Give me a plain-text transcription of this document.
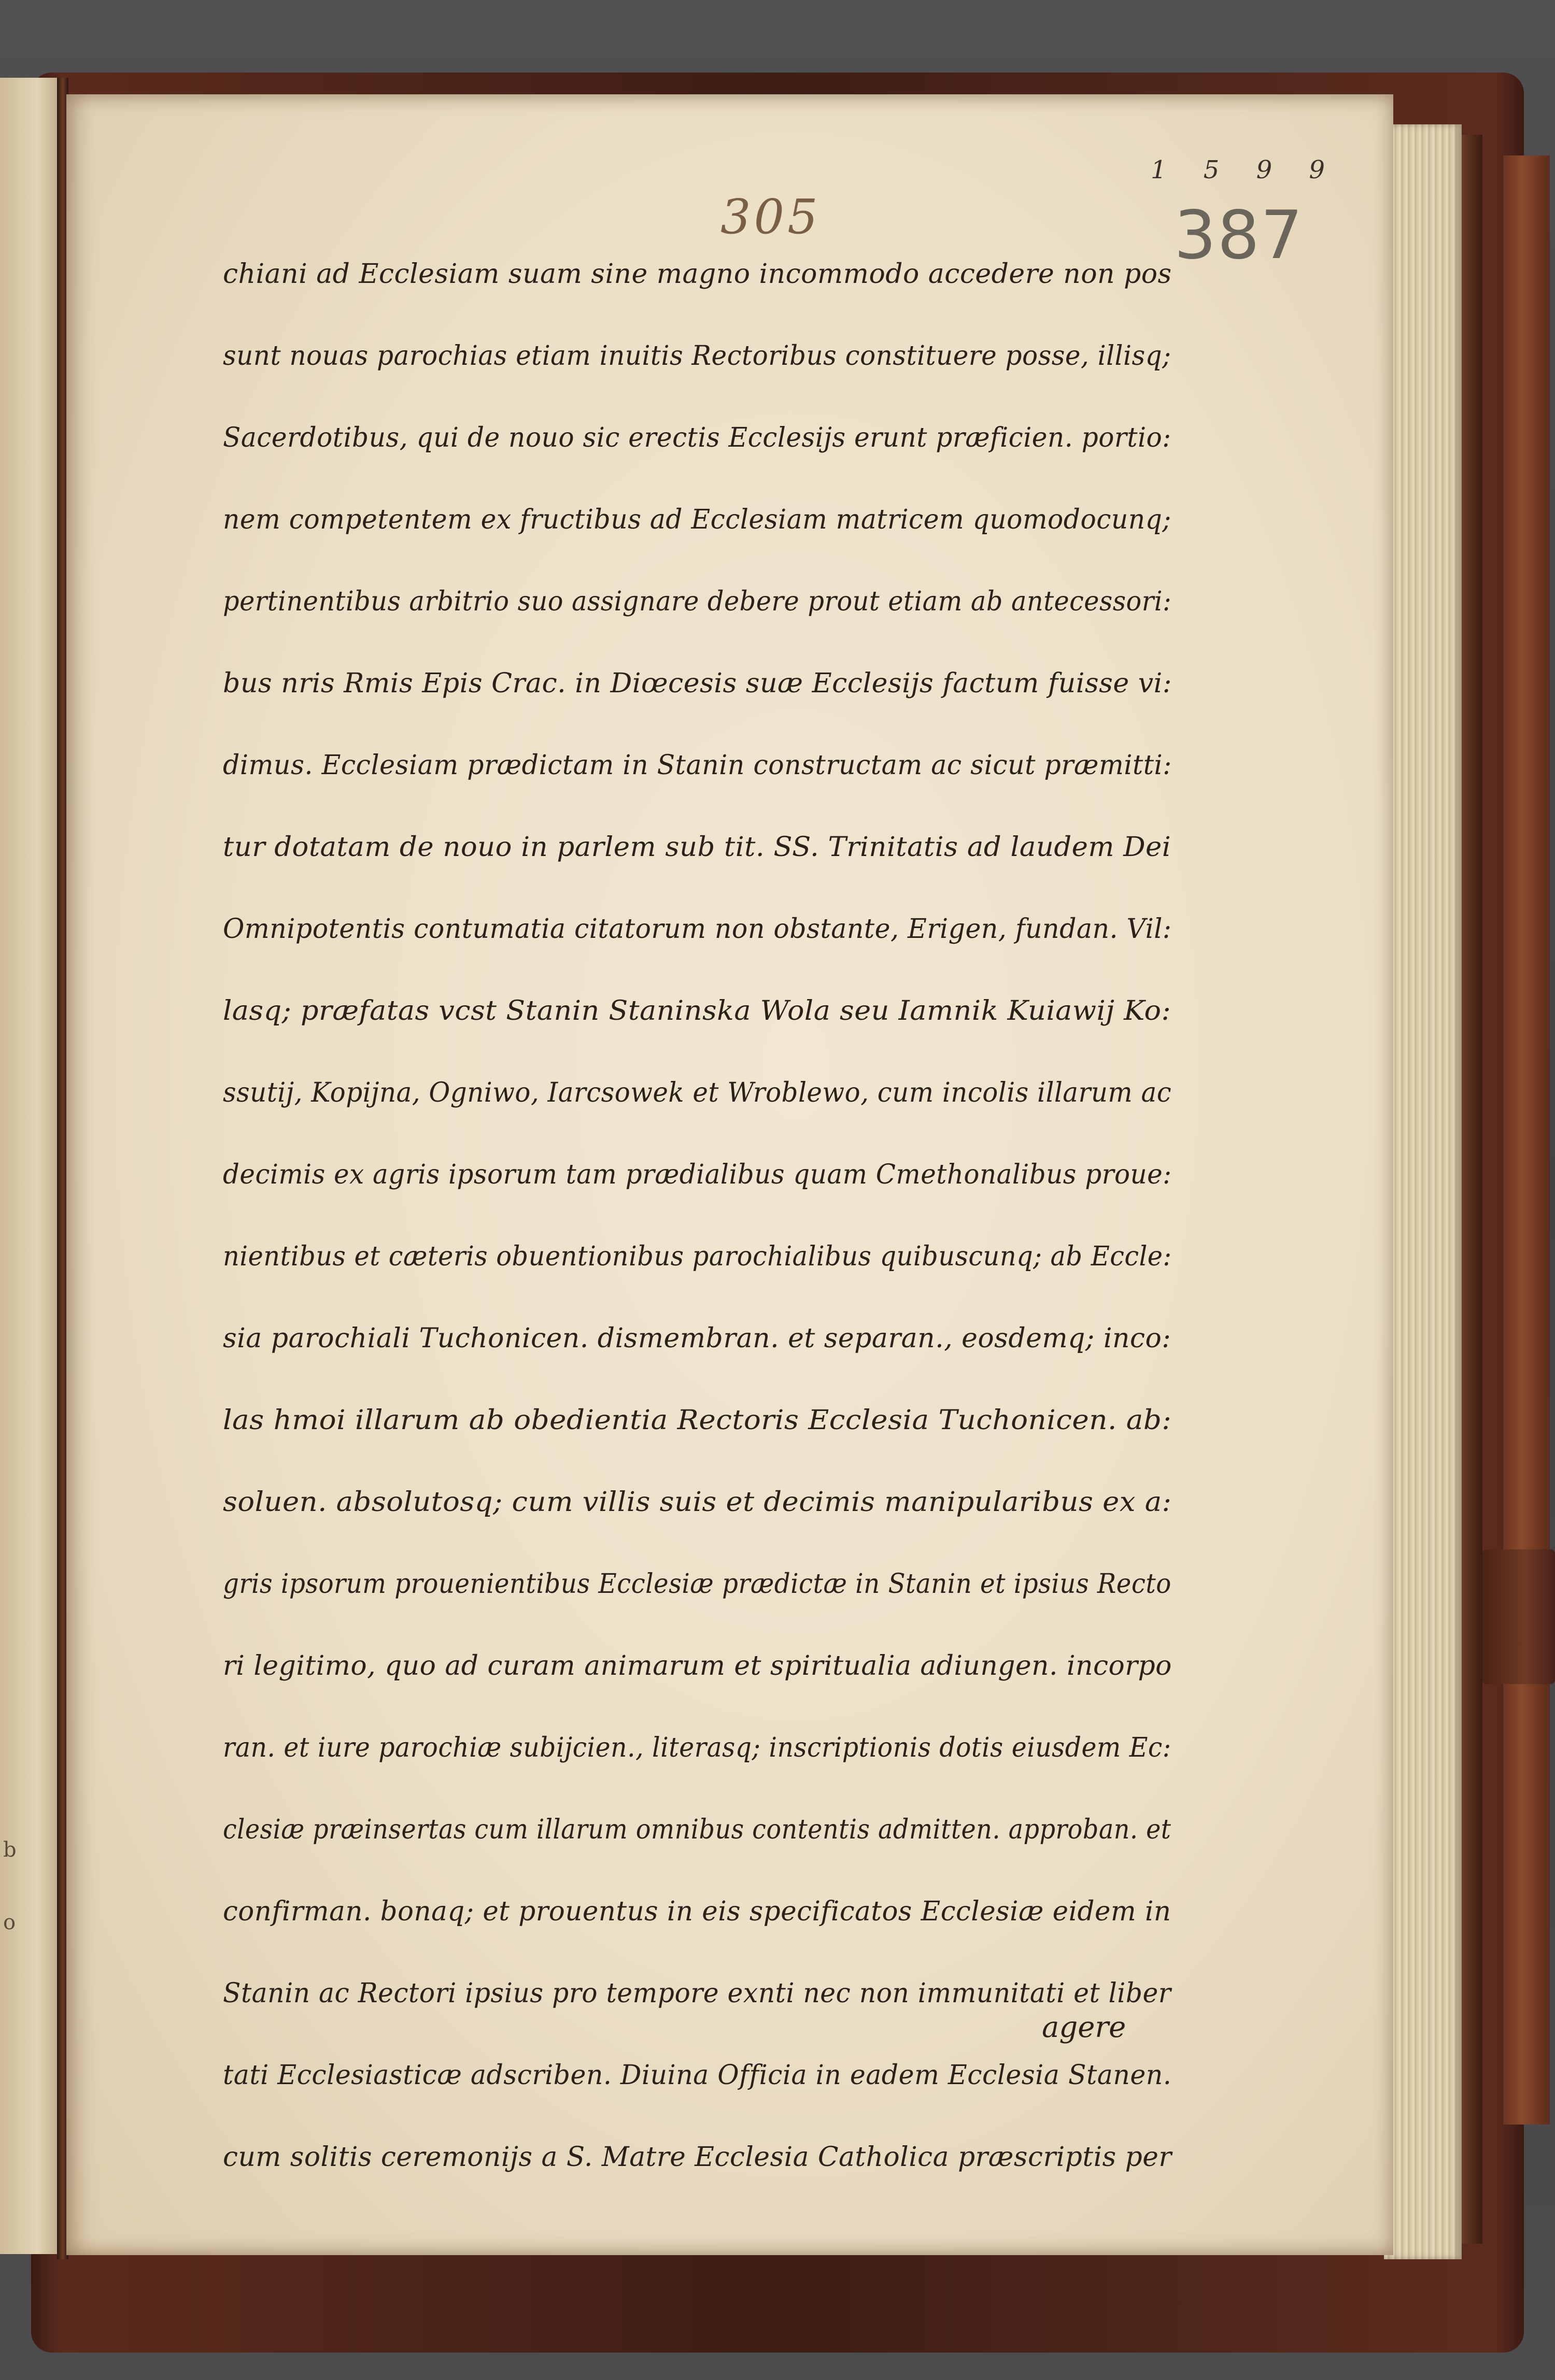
1 5 9 9
387
305
chiani ad Ecclesiam suam sine magno incommodo accedere non pos
sunt nouas parochias etiam inuitis Rectoribus constituere posse, illisq;
Sacerdotibus, qui de nouo sic erectis Ecclesijs erunt præficien. portio:
nem competentem ex fructibus ad Ecclesiam matricem quomodocunq;
pertinentibus arbitrio suo assignare debere prout etiam ab antecessori:
bus nris Rmis Epis Crac. in Diœcesis suæ Ecclesijs factum fuisse vi:
dimus. Ecclesiam prædictam in Stanin constructam ac sicut præmitti:
tur dotatam de nouo in parlem sub tit. SS. Trinitatis ad laudem Dei
Omnipotentis contumatia citatorum non obstante, Erigen, fundan. Vil:
lasq; præfatas vcst Stanin Staninska Wola seu Iamnik Kuiawij Ko:
ssutij, Kopijna, Ogniwo, Iarcsowek et Wroblewo, cum incolis illarum ac
decimis ex agris ipsorum tam prædialibus quam Cmethonalibus proue:
nientibus et cæteris obuentionibus parochialibus quibuscunq; ab Eccle:
sia parochiali Tuchonicen. dismembran. et separan., eosdemq; inco:
las hmoi illarum ab obedientia Rectoris Ecclesia Tuchonicen. ab:
soluen. absolutosq; cum villis suis et decimis manipularibus ex a:
gris ipsorum prouenientibus Ecclesiæ prædictæ in Stanin et ipsius Recto
ri legitimo, quo ad curam animarum et spiritualia adiungen. incorpo
ran. et iure parochiæ subijcien., literasq; inscriptionis dotis eiusdem Ec:
clesiæ præinsertas cum illarum omnibus contentis admitten. approban. et
confirman. bonaq; et prouentus in eis specificatos Ecclesiæ eidem in
Stanin ac Rectori ipsius pro tempore exnti nec non immunitati et liber
tati Ecclesiasticæ adscriben. Diuina Officia in eadem Ecclesia Stanen.
cum solitis ceremonijs a S. Matre Ecclesia Catholica præscriptis per
agere
b
o
